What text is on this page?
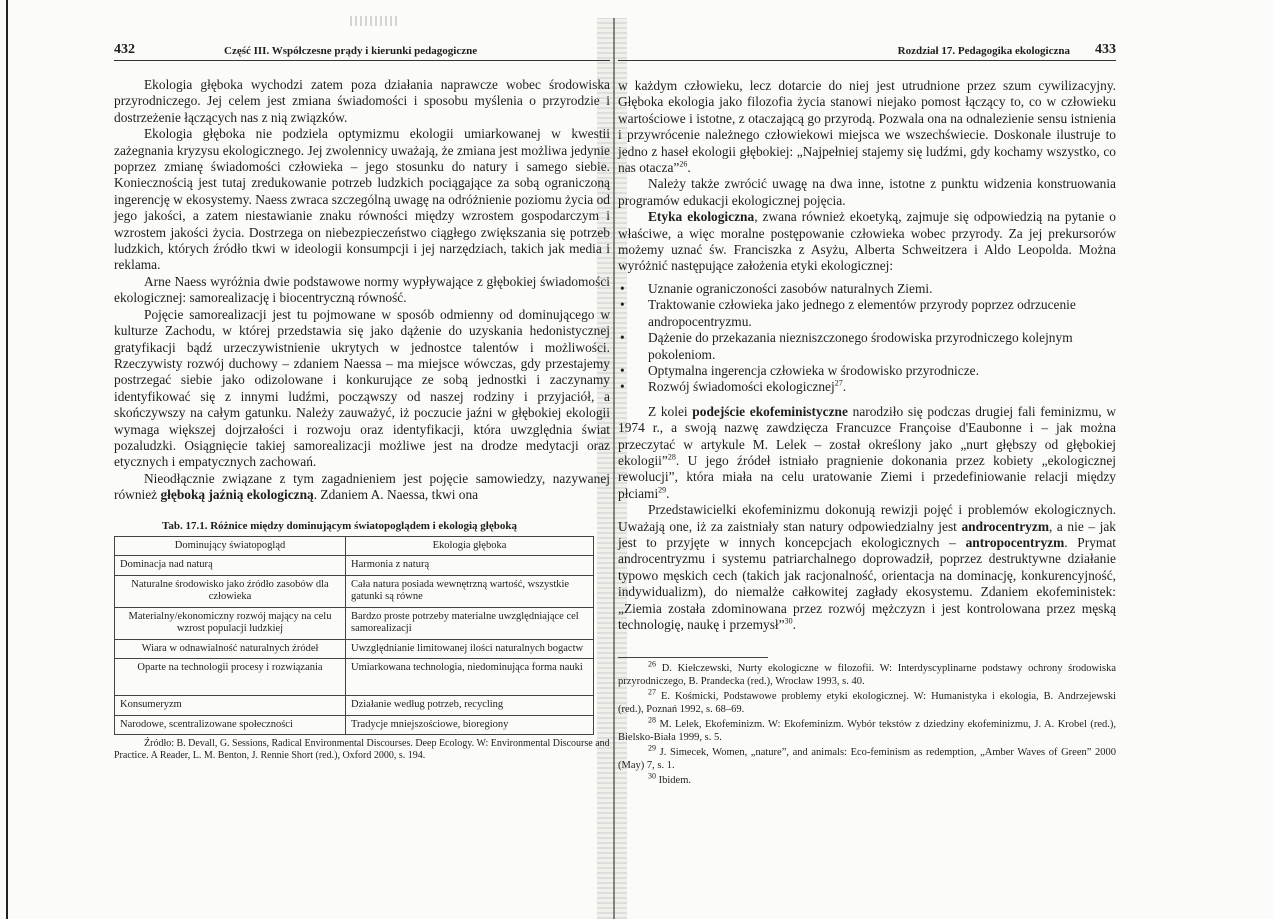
432	Część III. Współczesne prądy i kierunki pedagogiczne

Ekologia głęboka wychodzi zatem poza działania naprawcze wobec środowiska przyrodniczego. Jej celem jest zmiana świadomości i sposobu myślenia o przyrodzie i dostrzeżenie łączących nas z nią związków.

Ekologia głęboka nie podziela optymizmu ekologii umiarkowanej w kwestii zażegnania kryzysu ekologicznego. Jej zwolennicy uważają, że zmiana jest możliwa jedynie poprzez zmianę świadomości człowieka – jego stosunku do natury i samego siebie. Koniecznością jest tutaj zredukowanie potrzeb ludzkich pociągające za sobą ograniczoną ingerencję w ekosystemy. Naess zwraca szczególną uwagę na odróżnienie poziomu życia od jego jakości, a zatem niestawianie znaku równości między wzrostem gospodarczym i wzrostem jakości życia. Dostrzega on niebezpieczeństwo ciągłego zwiększania się potrzeb ludzkich, których źródło tkwi w ideologii konsumpcji i jej narzędziach, takich jak media i reklama.

Arne Naess wyróżnia dwie podstawowe normy wypływające z głębokiej świadomości ekologicznej: samorealizację i biocentryczną równość.

Pojęcie samorealizacji jest tu pojmowane w sposób odmienny od dominującego w kulturze Zachodu, w której przedstawia się jako dążenie do uzyskania hedonistycznej gratyfikacji bądź urzeczywistnienie ukrytych w jednostce talentów i możliwości. Rzeczywisty rozwój duchowy – zdaniem Naessa – ma miejsce wówczas, gdy przestajemy postrzegać siebie jako odizolowane i konkurujące ze sobą jednostki i zaczynamy identyfikować się z innymi ludźmi, począwszy od naszej rodziny i przyjaciół, a skończywszy na całym gatunku. Należy zauważyć, iż poczucie jaźni w głębokiej ekologii wymaga większej dojrzałości i rozwoju oraz identyfikacji, która uwzględnia świat pozaludzki. Osiągnięcie takiej samorealizacji możliwe jest na drodze medytacji oraz etycznych i empatycznych zachowań.

Nieodłącznie związane z tym zagadnieniem jest pojęcie samowiedzy, nazywanej również głęboką jaźnią ekologiczną. Zdaniem A. Naessa, tkwi ona

Tab. 17.1. Różnice między dominującym światopoglądem i ekologią głęboką
Dominujący światopogląd	Ekologia głęboka
Dominacja nad naturą	Harmonia z naturą
Naturalne środowisko jako źródło zasobów dla człowieka	Cała natura posiada wewnętrzną wartość, wszystkie gatunki są równe
Materialny/ekonomiczny rozwój mający na celu wzrost populacji ludzkiej	Bardzo proste potrzeby materialne uwzględniające cel samorealizacji
Wiara w odnawialność naturalnych źródeł	Uwzględnianie limitowanej ilości naturalnych bogactw
Oparte na technologii procesy i rozwiązania	Umiarkowana technologia, niedominująca forma nauki
Konsumeryzm	Działanie według potrzeb, recycling
Narodowe, scentralizowane społeczności	Tradycje mniejszościowe, bioregiony
Źródło: B. Devall, G. Sessions, Radical Environmental Discourses. Deep Ecology. W: Environmental Discourse and Practice. A Reader, L. M. Benton, J. Rennie Short (red.), Oxford 2000, s. 194.
Rozdział 17. Pedagogika ekologiczna 433

w każdym człowieku, lecz dotarcie do niej jest utrudnione przez szum cywilizacyjny. Głęboka ekologia jako filozofia życia stanowi niejako pomost łączący to, co w człowieku wartościowe i istotne, z otaczającą go przyrodą. Pozwala ona na odnalezienie sensu istnienia i przywrócenie należnego człowiekowi miejsca we wszechświecie. Doskonale ilustruje to jedno z haseł ekologii głębokiej: „Najpełniej stajemy się ludźmi, gdy kochamy wszystko, co nas otacza”$^{26}$.

Należy także zwrócić uwagę na dwa inne, istotne z punktu widzenia konstruowania programów edukacji ekologicznej pojęcia.

Etyka ekologiczna, zwana również ekoetyką, zajmuje się odpowiedzią na pytanie o właściwe, a więc moralne postępowanie człowieka wobec przyrody. Za jej prekursorów możemy uznać św. Franciszka z Asyżu, Alberta Schweitzera i Aldo Leopolda. Można wyróżnić następujące założenia etyki ekologicznej:

• Uznanie ograniczoności zasobów naturalnych Ziemi.
• Traktowanie człowieka jako jednego z elementów przyrody poprzez odrzucenie andropocentryzmu.
• Dążenie do przekazania niezniszczonego środowiska przyrodniczego kolejnym pokoleniom.
• Optymalna ingerencja człowieka w środowisko przyrodnicze.
• Rozwój świadomości ekologicznej$^{27}$.

Z kolei podejście ekofeministyczne narodziło się podczas drugiej fali feminizmu, w 1974 r., a swoją nazwę zawdzięcza Francuzce Françoise d'Eaubonne i – jak można przeczytać w artykule M. Lelek – został określony jako „nurt głębszy od głębokiej ekologii”$^{28}$. U jego źródeł istniało pragnienie dokonania przez kobiety „ekologicznej rewolucji”, która miała na celu uratowanie Ziemi i przedefiniowanie relacji między płciami$^{29}$.

Przedstawicielki ekofeminizmu dokonują rewizji pojęć i problemów ekologicznych. Uważają one, iż za zaistniały stan natury odpowiedzialny jest androcentryzm, a nie – jak jest to przyjęte w innych koncepcjach ekologicznych – antropocentryzm. Prymat androcentryzmu i systemu patriarchalnego doprowadził, poprzez destruktywne działanie typowo męskich cech (takich jak racjonalność, orientacja na dominację, konkurencyjność, indywidualizm), do niemalże całkowitej zagłady ekosystemu. Zdaniem ekofeministek: „Ziemia została zdominowana przez rozwój mężczyzn i jest kontrolowana przez męską technologię, naukę i przemysł”$^{30}$.

$^{26}$ D. Kiełczewski, Nurty ekologiczne w filozofii. W: Interdyscyplinarne podstawy ochrony środowiska przyrodniczego, B. Prandecka (red.), Wrocław 1993, s. 40.

$^{27}$ E. Kośmicki, Podstawowe problemy etyki ekologicznej. W: Humanistyka i ekologia, B. Andrzejewski (red.), Poznań 1992, s. 68–69.

$^{28}$ M. Lelek, Ekofeminizm. W: Ekofeminizm. Wybór tekstów z dziedziny ekofeminizmu, J. A. Krobel (red.), Bielsko-Biała 1999, s. 5.

$^{29}$ J. Simecek, Women, „nature”, and animals: Eco-feminism as redemption, „Amber Waves of Green” 2000 (May) 7, s. 1.

$^{30}$ Ibidem.
